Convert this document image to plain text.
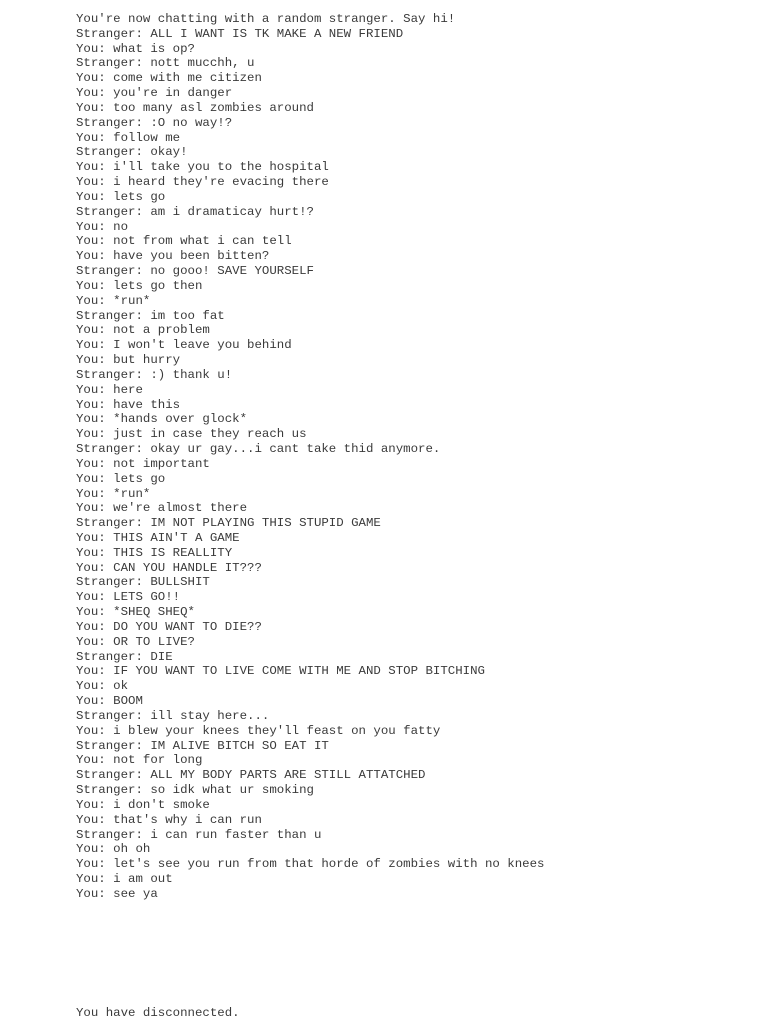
You're now chatting with a random stranger. Say hi!
Stranger: ALL I WANT IS TK MAKE A NEW FRIEND
You: what is op?
Stranger: nott mucchh, u
You: come with me citizen
You: you're in danger
You: too many asl zombies around
Stranger: :O no way!?
You: follow me
Stranger: okay!
You: i'll take you to the hospital
You: i heard they're evacing there
You: lets go
Stranger: am i dramaticay hurt!?
You: no
You: not from what i can tell
You: have you been bitten?
Stranger: no gooo! SAVE YOURSELF
You: lets go then
You: *run*
Stranger: im too fat
You: not a problem
You: I won't leave you behind
You: but hurry
Stranger: :) thank u!
You: here
You: have this
You: *hands over glock*
You: just in case they reach us
Stranger: okay ur gay...i cant take thid anymore.
You: not important
You: lets go
You: *run*
You: we're almost there
Stranger: IM NOT PLAYING THIS STUPID GAME
You: THIS AIN'T A GAME
You: THIS IS REALLITY
You: CAN YOU HANDLE IT???
Stranger: BULLSHIT
You: LETS GO!!
You: *SHEQ SHEQ*
You: DO YOU WANT TO DIE??
You: OR TO LIVE?
Stranger: DIE
You: IF YOU WANT TO LIVE COME WITH ME AND STOP BITCHING
You: ok
You: BOOM
Stranger: ill stay here...
You: i blew your knees they'll feast on you fatty
Stranger: IM ALIVE BITCH SO EAT IT
You: not for long
Stranger: ALL MY BODY PARTS ARE STILL ATTATCHED
Stranger: so idk what ur smoking
You: i don't smoke
You: that's why i can run
Stranger: i can run faster than u
You: oh oh
You: let's see you run from that horde of zombies with no knees
You: i am out
You: see ya
You have disconnected.
